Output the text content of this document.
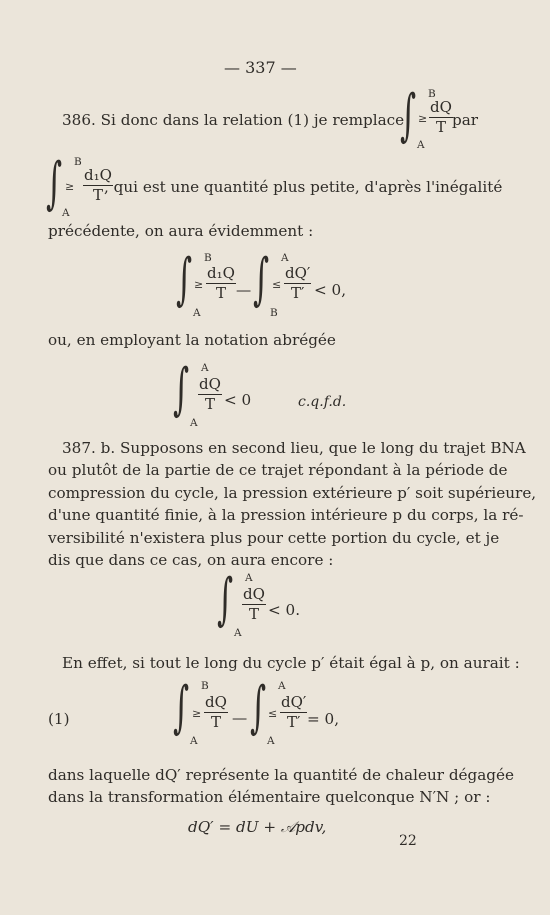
— 337 —
386. Si donc dans la relation (1) je remplace
∫ B
A
≥
dQ
T par
∫ B
A
≥
d₁Q
T , qui est une quantité plus petite, d'après l'inégalité
précédente, on aura évidemment :
∫ B
A
≥
d₁Q
T — ∫ A
B
≤
dQ′
T′ < 0,
ou, en employant la notation abrégée
∫ A
A
dQ
T < 0	c.q.f.d.
387. b. Supposons en second lieu, que le long du trajet BNA
ou plutôt de la partie de ce trajet répondant à la période de
compression du cycle, la pression extérieure p′ soit supérieure,
d'une quantité finie, à la pression intérieure p du corps, la ré-
versibilité n'existera plus pour cette portion du cycle, et je
dis que dans ce cas, on aura encore :
∫ A
A
dQ
T < 0.
En effet, si tout le long du cycle p′ était égal à p, on aurait :
(1) ∫ B
A
≥
dQ
T — ∫ A
A
≤
dQ′
T′ = 0,
dans laquelle dQ′ représente la quantité de chaleur dégagée
dans la transformation élémentaire quelconque N′N ; or :
dQ′ = dU + 𝒜pdv,
22
